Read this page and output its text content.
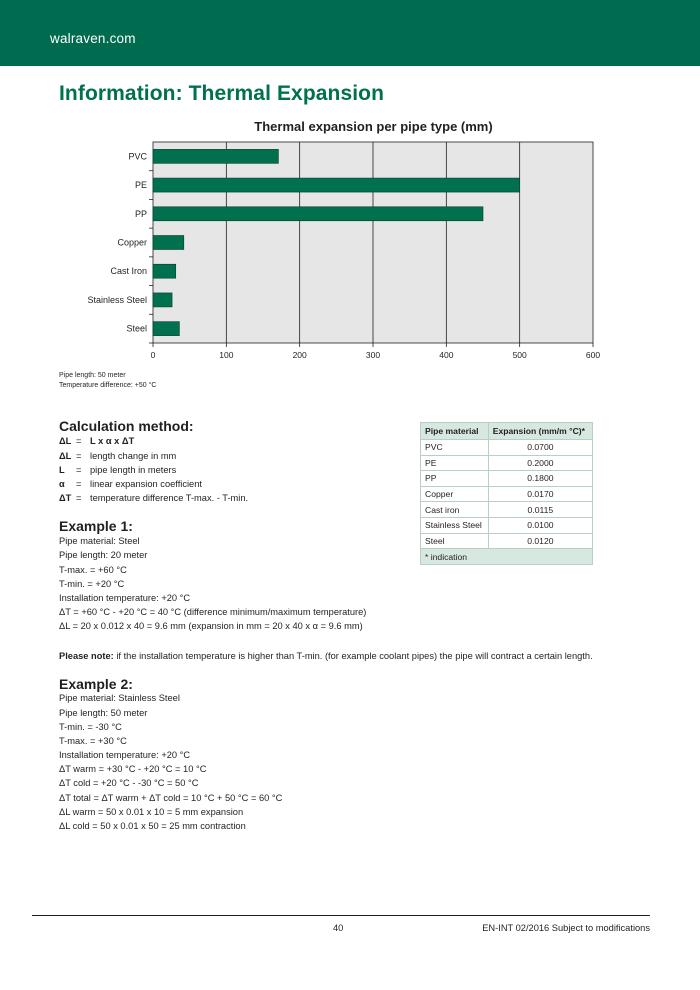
walraven.com
Information: Thermal Expansion
Thermal expansion per pipe type (mm)
0	100	200	300	400	500	600
PVC
PE
PP
Copper
Cast Iron
Stainless Steel
Steel
Pipe length: 50 meter
Temperature difference: +50 °C
Calculation method:
ΔL = L x α x ΔT
ΔL = length change in mm
L = pipe length in meters
α = linear expansion coefficient
ΔT = temperature difference T-max. - T-min.
Pipe material	Expansion (mm/m °C)*
PVC	0.0700
PE	0.2000
PP	0.1800
Copper	0.0170
Cast iron	0.0115
Stainless Steel	0.0100
Steel	0.0120
* indication	
Example 1:
Pipe material: Steel
Pipe length: 20 meter
T-max. = +60 °C
T-min. = +20 °C
Installation temperature: +20 °C
ΔT = +60 °C - +20 °C = 40 °C (difference minimum/maximum temperature)
ΔL = 20 x 0.012 x 40 = 9.6 mm (expansion in mm = 20 x 40 x α = 9.6 mm)
Please note: if the installation temperature is higher than T-min. (for example coolant pipes) the pipe will contract a certain length.
Example 2:
Pipe material: Stainless Steel
Pipe length: 50 meter
T-min. = -30 °C
T-max. = +30 °C
Installation temperature: +20 °C
ΔT warm = +30 °C - +20 °C = 10 °C
ΔT cold = +20 °C - -30 °C = 50 °C
ΔT total = ΔT warm + ΔT cold = 10 °C + 50 °C = 60 °C
ΔL warm = 50 x 0.01 x 10 = 5 mm expansion
ΔL cold = 50 x 0.01 x 50 = 25 mm contraction
40	EN-INT 02/2016 Subject to modifications
